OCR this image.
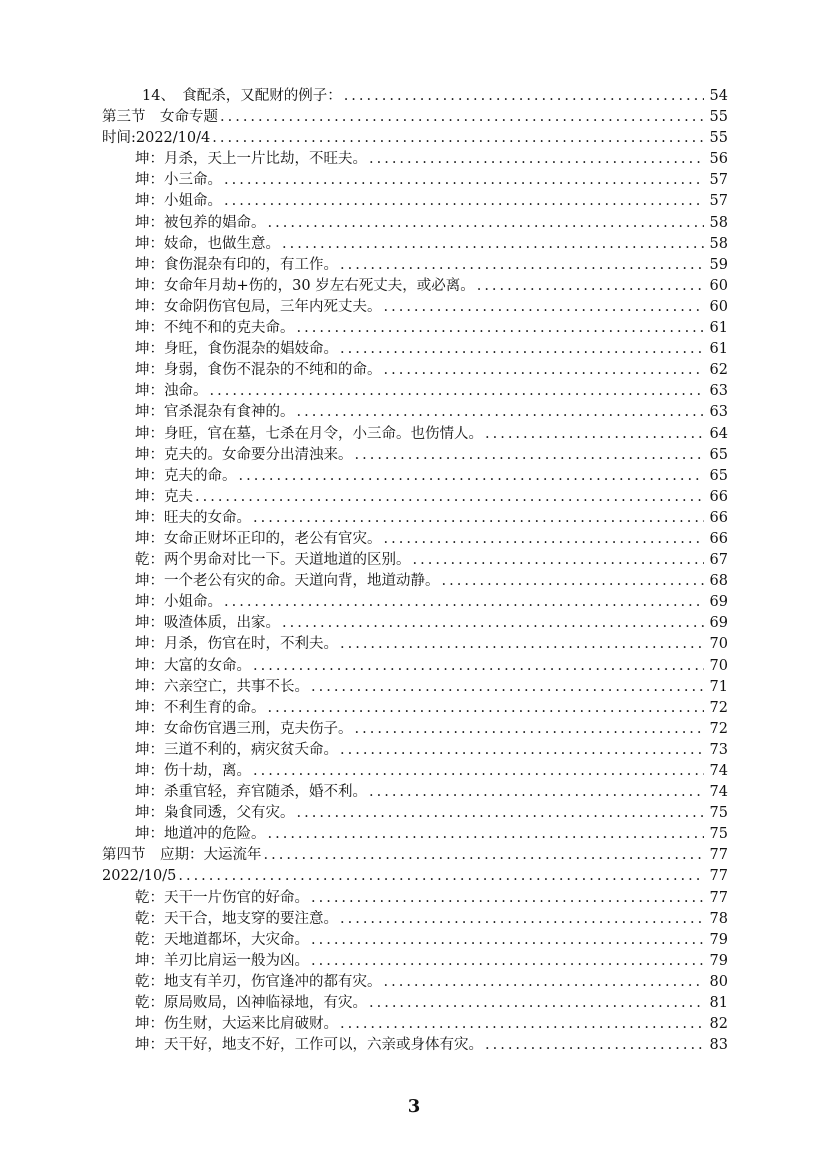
14、　食配杀，又配财的例子： .....	54
第三节　女命专题 .....	55
时间:2022/10/4 .....	55
坤：月杀，天上一片比劫，不旺夫。 .....	56
坤：小三命。 .....	57
坤：小姐命。 .....	57
坤：被包养的娼命。 .....	58
坤：妓命，也做生意。 .....	58
坤：食伤混杂有印的，有工作。 .....	59
坤：女命年月劫+伤的，30 岁左右死丈夫，或必离。 .....	60
坤：女命阴伤官包局，三年内死丈夫。 .....	60
坤：不纯不和的克夫命。 .....	61
坤：身旺，食伤混杂的娼妓命。 .....	61
坤：身弱，食伤不混杂的不纯和的命。 .....	62
坤：浊命。 .....	63
坤：官杀混杂有食神的。 .....	63
坤：身旺，官在墓，七杀在月令，小三命。也伤情人。 .....	64
坤：克夫的。女命要分出清浊来。 .....	65
坤：克夫的命。 .....	65
坤：克夫 .....	66
坤：旺夫的女命。 .....	66
坤：女命正财坏正印的，老公有官灾。 .....	66
乾：两个男命对比一下。天道地道的区别。 .....	67
坤：一个老公有灾的命。天道向背，地道动静。 .....	68
坤：小姐命。 .....	69
坤：吸渣体质，出家。 .....	69
坤：月杀，伤官在时，不利夫。 .....	70
坤：大富的女命。 .....	70
坤：六亲空亡，共事不长。 .....	71
坤：不利生育的命。 .....	72
坤：女命伤官遇三刑，克夫伤子。 .....	72
坤：三道不利的，病灾贫夭命。 .....	73
坤：伤十劫，离。 .....	74
坤：杀重官轻，弃官随杀，婚不利。 .....	74
坤：枭食同透，父有灾。 .....	75
坤：地道冲的危险。 .....	75
第四节　应期：大运流年 .....	77
2022/10/5 .....	77
乾：天干一片伤官的好命。 .....	77
乾：天干合，地支穿的要注意。 .....	78
乾：天地道都坏，大灾命。 .....	79
坤：羊刃比肩运一般为凶。 .....	79
乾：地支有羊刃，伤官逢冲的都有灾。 .....	80
乾：原局败局，凶神临禄地，有灾。 .....	81
坤：伤生财，大运来比肩破财。 .....	82
坤：天干好，地支不好，工作可以，六亲或身体有灾。 .....	83
3
